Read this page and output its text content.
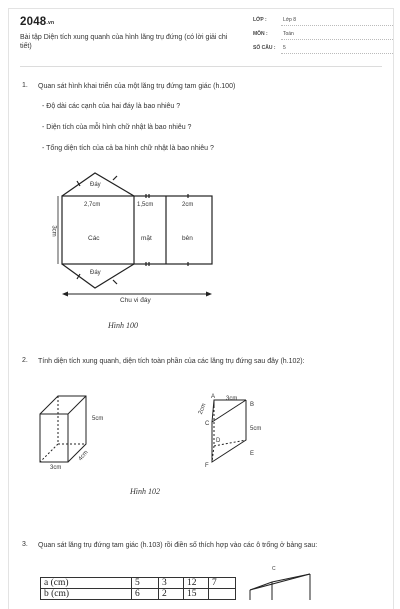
2048.vn
Bài tập Diện tích xung quanh của hình lăng trụ đứng (có lời giải chi tiết)
LỚP :	Lớp 8
MÔN :	Toán
SỐ CÂU : 5
1. Quan sát hình khai triển của một lăng trụ đứng tam giác (h.100)
- Độ dài các cạnh của hai đáy là bao nhiêu ?
- Diện tích của mỗi hình chữ nhật là bao nhiêu ?
- Tổng diện tích của cả ba hình chữ nhật là bao nhiêu ?
Đáy
Đáy
3cm
2,7cm	1,5cm	2cm
Các	mặt	bên
Chu vi đáy
Hình 100
2. Tính diện tích xung quanh, diện tích toàn phần của các lăng trụ đứng sau đây (h.102):
5cm
3cm
4cm
A
B
C
D
E
F
3cm
2cm
5cm
Hình 102
3. Quan sát lăng trụ đứng tam giác (h.103) rồi điền số thích hợp vào các ô trống ở bảng sau:
a (cm)	5	3	12	7
b (cm)	6	2	15	
C
